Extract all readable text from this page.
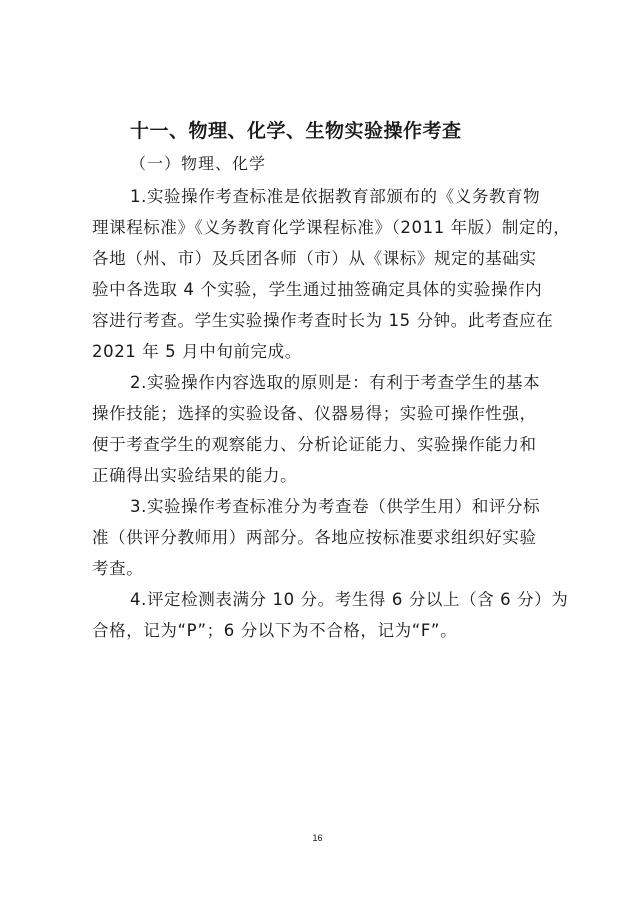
十一、物理、化学、生物实验操作考查
（一）物理、化学
1.实验操作考查标准是依据教育部颁布的《义务教育物
理课程标准》《义务教育化学课程标准》（2011 年版）制定的，
各地（州、市）及兵团各师（市）从《课标》规定的基础实
验中各选取 4 个实验，学生通过抽签确定具体的实验操作内
容进行考查。学生实验操作考查时长为 15 分钟。此考查应在
2021 年 5 月中旬前完成。
2.实验操作内容选取的原则是：有利于考查学生的基本
操作技能；选择的实验设备、仪器易得；实验可操作性强，
便于考查学生的观察能力、分析论证能力、实验操作能力和
正确得出实验结果的能力。
3.实验操作考查标准分为考查卷（供学生用）和评分标
准（供评分教师用）两部分。各地应按标准要求组织好实验
考查。
4.评定检测表满分 10 分。考生得 6 分以上（含 6 分）为
合格，记为“P”；6 分以下为不合格，记为“F”。
16
